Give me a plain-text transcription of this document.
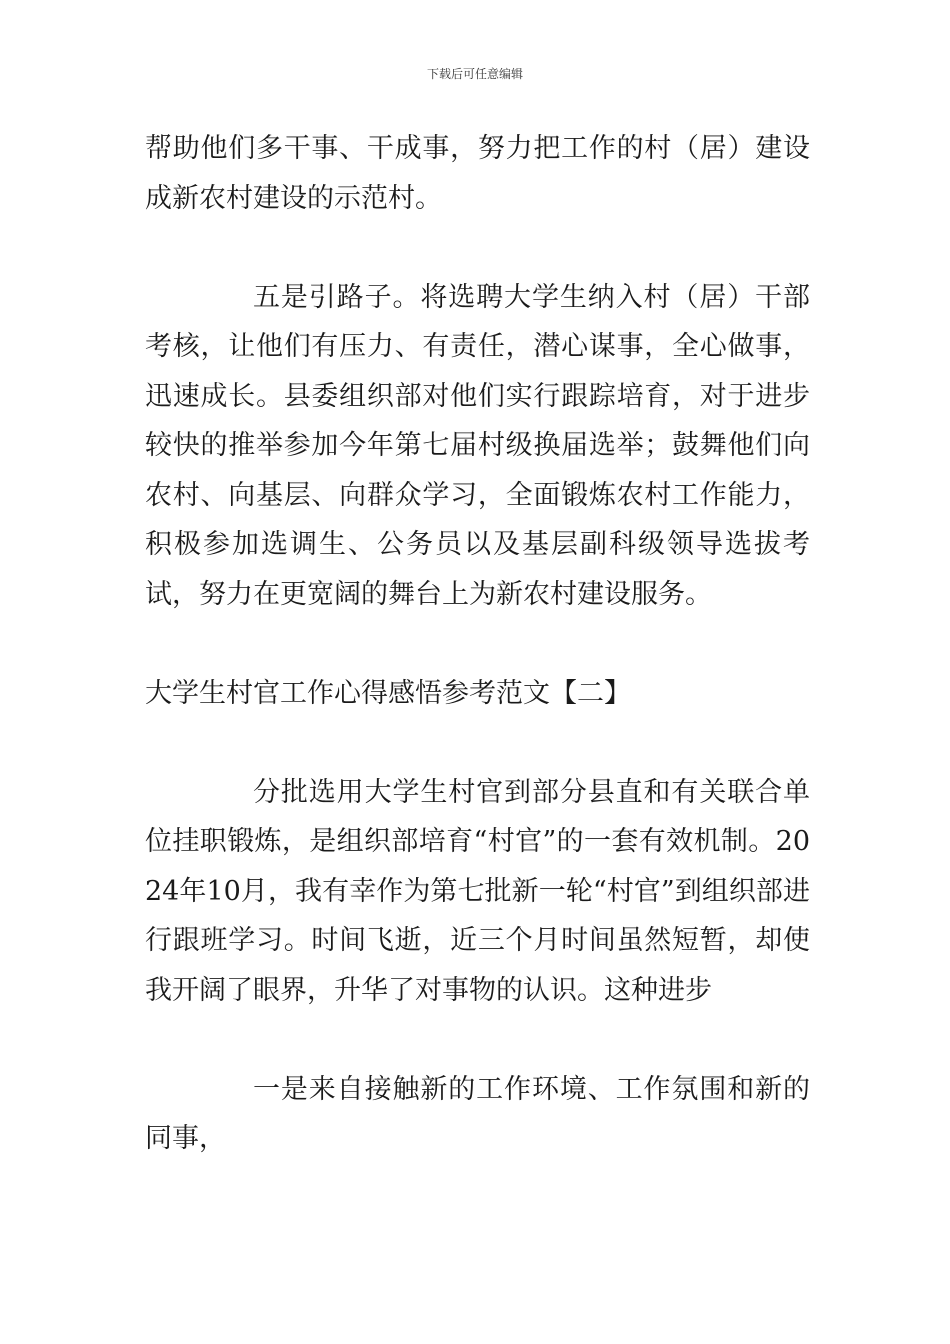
下载后可任意编辑

帮助他们多干事、干成事，努力把工作的村（居）建设成新农村建设的示范村。

五是引路子。将选聘大学生纳入村（居）干部考核，让他们有压力、有责任，潜心谋事，全心做事，迅速成长。县委组织部对他们实行跟踪培育，对于进步较快的推举参加今年第七届村级换届选举；鼓舞他们向农村、向基层、向群众学习，全面锻炼农村工作能力，积极参加选调生、公务员以及基层副科级领导选拔考试，努力在更宽阔的舞台上为新农村建设服务。

大学生村官工作心得感悟参考范文【二】

分批选用大学生村官到部分县直和有关联合单位挂职锻炼，是组织部培育“村官”的一套有效机制。2024年10月，我有幸作为第七批新一轮“村官”到组织部进行跟班学习。时间飞逝，近三个月时间虽然短暂，却使我开阔了眼界，升华了对事物的认识。这种进步

一是来自接触新的工作环境、工作氛围和新的同事，
